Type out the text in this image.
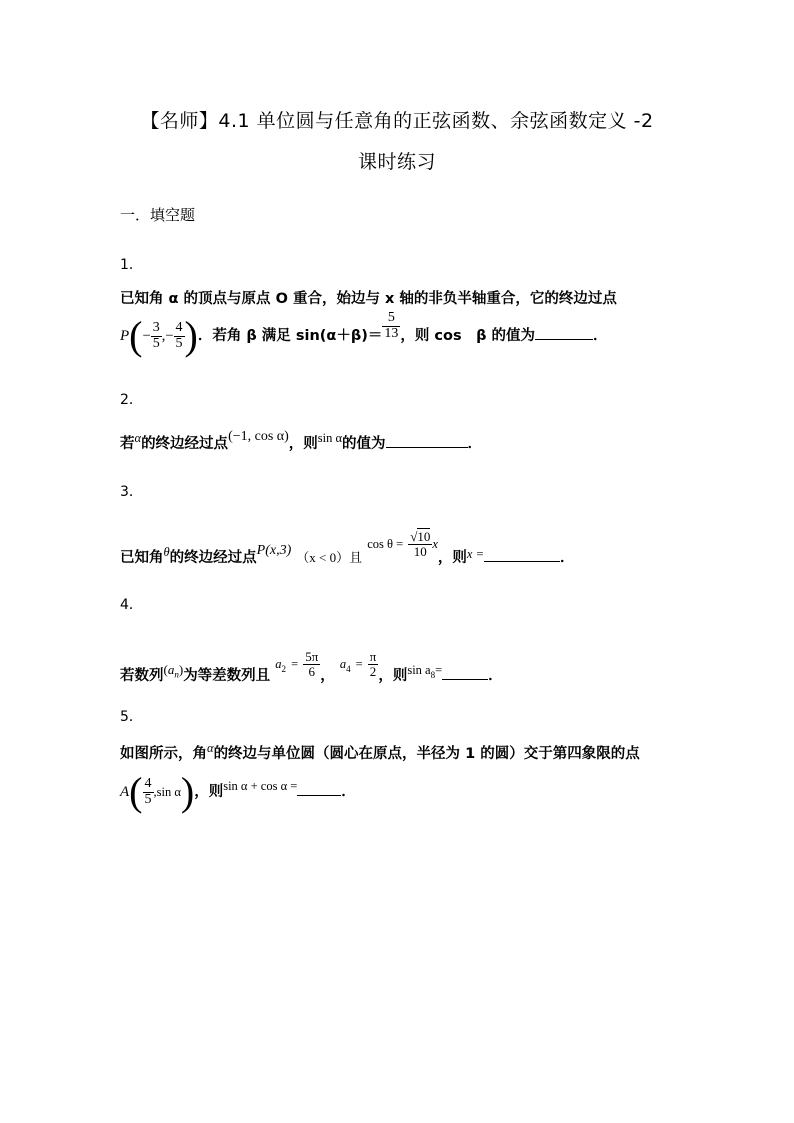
【名师】4.1 单位圆与任意角的正弦函数、余弦函数定义 -2
课时练习
一．填空题
1．
已知角 α 的顶点与原点 O 重合，始边与 x 轴的非负半轴重合，它的终边过点
$P(- \frac{3}{5}$ ,− $\frac{4}{5}$ )．若角 β 满足 $\sin(\alpha+\beta)= \frac{5}{13}$ ，则 cos　β 的值为	．
2．
若α的终边经过点(−1, cos α)，则sin α的值为	．
3．
已知角θ的终边经过点P(x,3) （x < 0）且 $\cos \theta = \frac{√10}{10}$ x，则x =	．
4．
若数列$(a_n)$为等差数列且 $a_2 = \frac{5\pi}{6}$ ， $a_4 = \frac{\pi}{2}$ ，则$\sin a_8=$	．
5．
如图所示，角α的终边与单位圆（圆心在原点，半径为 1 的圆）交于第四象限的点
$A( \frac{4}{5} ,\sin$ α)，则sin α + cos α =	．
